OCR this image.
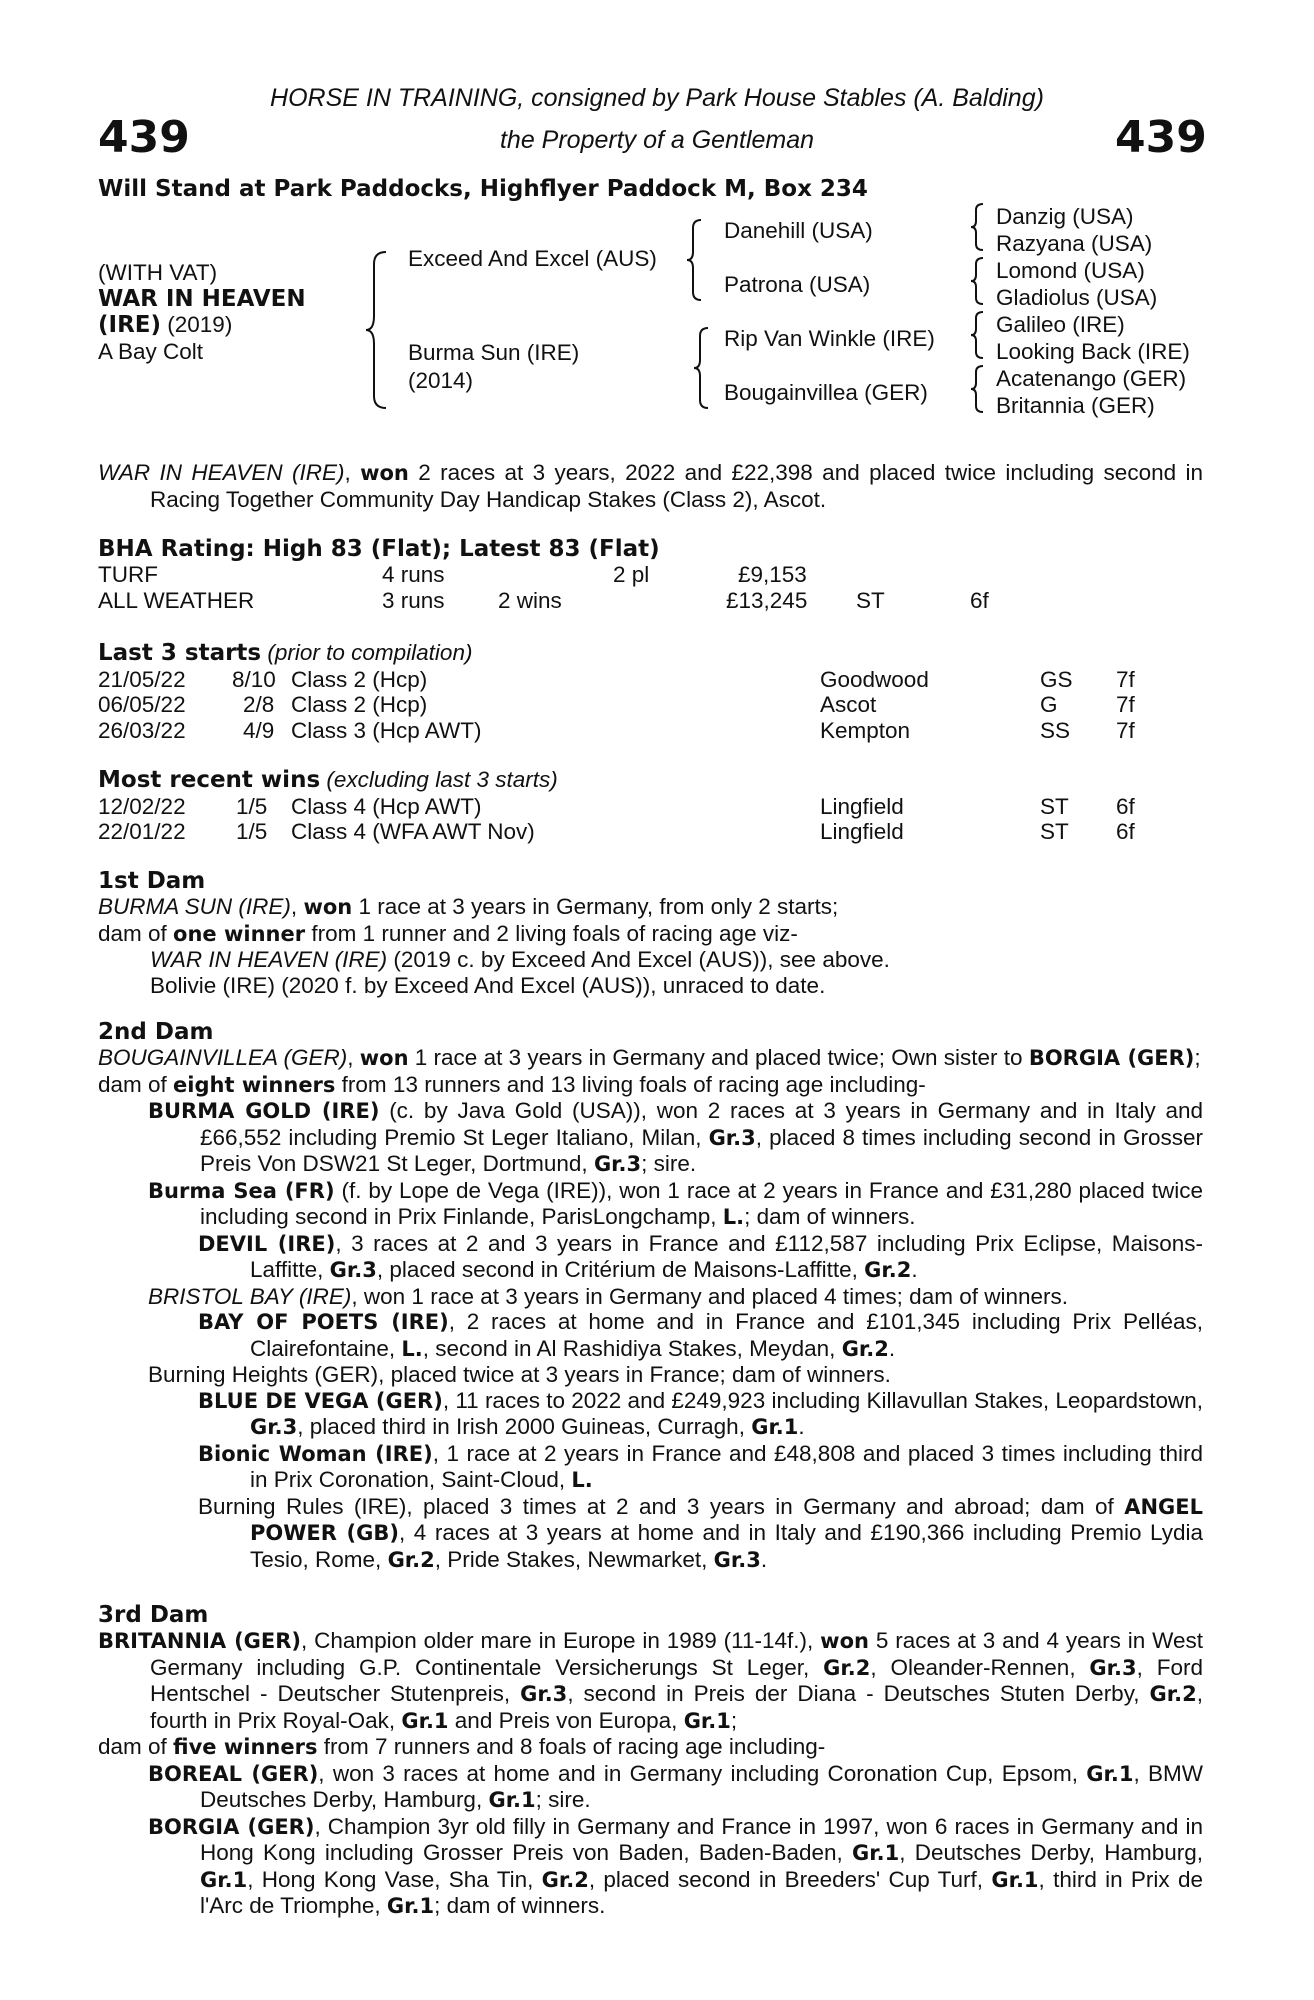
HORSE IN TRAINING, consigned by Park House Stables (A. Balding)
the Property of a Gentleman
439	439
Will Stand at Park Paddocks, Highflyer Paddock M, Box 234
(WITH VAT)
WAR IN HEAVEN
(IRE) (2019)
A Bay Colt
Exceed And Excel (AUS)
Burma Sun (IRE)
(2014)
Danehill (USA)
Patrona (USA)
Rip Van Winkle (IRE)
Bougainvillea (GER)
Danzig (USA)
Razyana (USA)
Lomond (USA)
Gladiolus (USA)
Galileo (IRE)
Looking Back (IRE)
Acatenango (GER)
Britannia (GER)

WAR IN HEAVEN (IRE), won 2 races at 3 years, 2022 and £22,398 and placed twice including second in Racing Together Community Day Handicap Stakes (Class 2), Ascot.

BHA Rating: High 83 (Flat); Latest 83 (Flat)
TURF	4 runs	2 pl	£9,153
ALL WEATHER	3 runs 2 wins	£13,245 ST	6f
Last 3 starts (prior to compilation)
21/05/22 8/10 Class 2 (Hcp)	Goodwood	GS 7f
06/05/22	2/8 Class 2 (Hcp)	Ascot	G	7f
26/03/22	4/9 Class 3 (Hcp AWT)	Kempton	SS 7f
Most recent wins (excluding last 3 starts)
12/02/22 1/5 Class 4 (Hcp AWT)	Lingfield	ST 6f
22/01/22 1/5 Class 4 (WFA AWT Nov)	Lingfield	ST 6f
1st Dam

BURMA SUN (IRE), won 1 race at 3 years in Germany, from only 2 starts;

dam of one winner from 1 runner and 2 living foals of racing age viz-

WAR IN HEAVEN (IRE) (2019 c. by Exceed And Excel (AUS)), see above.

Bolivie (IRE) (2020 f. by Exceed And Excel (AUS)), unraced to date.

2nd Dam

BOUGAINVILLEA (GER), won 1 race at 3 years in Germany and placed twice; Own sister to BORGIA (GER);

dam of eight winners from 13 runners and 13 living foals of racing age including-

BURMA GOLD (IRE) (c. by Java Gold (USA)), won 2 races at 3 years in Germany and in Italy and £66,552 including Premio St Leger Italiano, Milan, Gr.3, placed 8 times including second in Grosser Preis Von DSW21 St Leger, Dortmund, Gr.3; sire.

Burma Sea (FR) (f. by Lope de Vega (IRE)), won 1 race at 2 years in France and £31,280 placed twice including second in Prix Finlande, ParisLongchamp, L.; dam of winners.

DEVIL (IRE), 3 races at 2 and 3 years in France and £112,587 including Prix Eclipse, Maisons-Laffitte, Gr.3, placed second in Critérium de Maisons-Laffitte, Gr.2.

BRISTOL BAY (IRE), won 1 race at 3 years in Germany and placed 4 times; dam of winners.

BAY OF POETS (IRE), 2 races at home and in France and £101,345 including Prix Pelléas, Clairefontaine, L., second in Al Rashidiya Stakes, Meydan, Gr.2.

Burning Heights (GER), placed twice at 3 years in France; dam of winners.

BLUE DE VEGA (GER), 11 races to 2022 and £249,923 including Killavullan Stakes, Leopardstown, Gr.3, placed third in Irish 2000 Guineas, Curragh, Gr.1.

Bionic Woman (IRE), 1 race at 2 years in France and £48,808 and placed 3 times including third in Prix Coronation, Saint-Cloud, L.

Burning Rules (IRE), placed 3 times at 2 and 3 years in Germany and abroad; dam of ANGEL POWER (GB), 4 races at 3 years at home and in Italy and £190,366 including Premio Lydia Tesio, Rome, Gr.2, Pride Stakes, Newmarket, Gr.3.

3rd Dam

BRITANNIA (GER), Champion older mare in Europe in 1989 (11-14f.), won 5 races at 3 and 4 years in West Germany including G.P. Continentale Versicherungs St Leger, Gr.2, Oleander-Rennen, Gr.3, Ford Hentschel - Deutscher Stutenpreis, Gr.3, second in Preis der Diana - Deutsches Stuten Derby, Gr.2, fourth in Prix Royal-Oak, Gr.1 and Preis von Europa, Gr.1;

dam of five winners from 7 runners and 8 foals of racing age including-

BOREAL (GER), won 3 races at home and in Germany including Coronation Cup, Epsom, Gr.1, BMW Deutsches Derby, Hamburg, Gr.1; sire.

BORGIA (GER), Champion 3yr old filly in Germany and France in 1997, won 6 races in Germany and in Hong Kong including Grosser Preis von Baden, Baden-Baden, Gr.1, Deutsches Derby, Hamburg, Gr.1, Hong Kong Vase, Sha Tin, Gr.2, placed second in Breeders' Cup Turf, Gr.1, third in Prix de l'Arc de Triomphe, Gr.1; dam of winners.
